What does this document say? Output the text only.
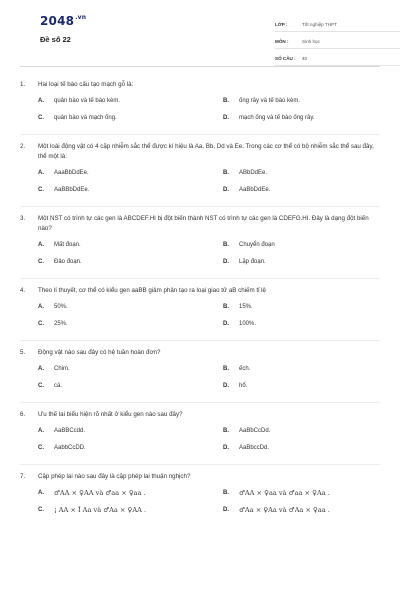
$2048^{.vn}$
Đề số 22
LỚP :	Tốt nghiệp THPT
MÔN :	Sinh học
SỐ CÂU :	40
1.	Hai loại tế bào cấu tạo mạch gỗ là:
A.	quản bào và tế bào kèm.	B.	ống rây và tế bào kèm.
C.	quản bào và mạch ống.	D.	mạch ống và tế bào ống rây.
2.	Một loài động vật có 4 cặp nhiễm sắc thể được kí hiệu là Aa, Bb, Dd và Ee. Trong các cơ thể có bộ nhiễm sắc thể sau đây, thể một là:
A.	AaaBbDdEe.	B.	ABbDdEe.
C.	AaBBbDdEe.	D.	AaBbDdEe.
3.	Một NST có trình tự các gen là ABCDEF.HI bị đột biến thành NST có trình tự các gen là CDEFG.HI. Đây là dạng đột biến nào?
A.	Mất đoạn.	B.	Chuyển đoạn
C.	Đảo đoạn.	D.	Lặp đoạn.
4.	Theo lí thuyết, cơ thể có kiểu gen aaBB giảm phân tạo ra loại giao tử aB chiếm tỉ lệ
A.	50%.	B.	15%.
C.	25%.	D.	100%.
5.	Động vật nào sau đây có hệ tuần hoàn đơn?
A.	Chim.	B.	ếch.
C.	cá.	D.	hổ.
6.	Ưu thế lai biểu hiện rõ nhất ở kiểu gen nào sau đây?
A.	AaBBCcdd.	B.	AaBbCcDd.
C.	AabbCcDD.	D.	AaBbccDd.
7.	Cặp phép lai nào sau đây là cặp phép lai thuận nghịch?
A.	♂AA × ♀AA và ♂aa × ♀aa .	B.	♂AA × ♀aa và ♂aa × ♀Aa .
C.	¡ AA × Î Aa và ♂Aa × ♀AA .	D.	♂Aa × ♀Aa và ♂Aa × ♀aa .
